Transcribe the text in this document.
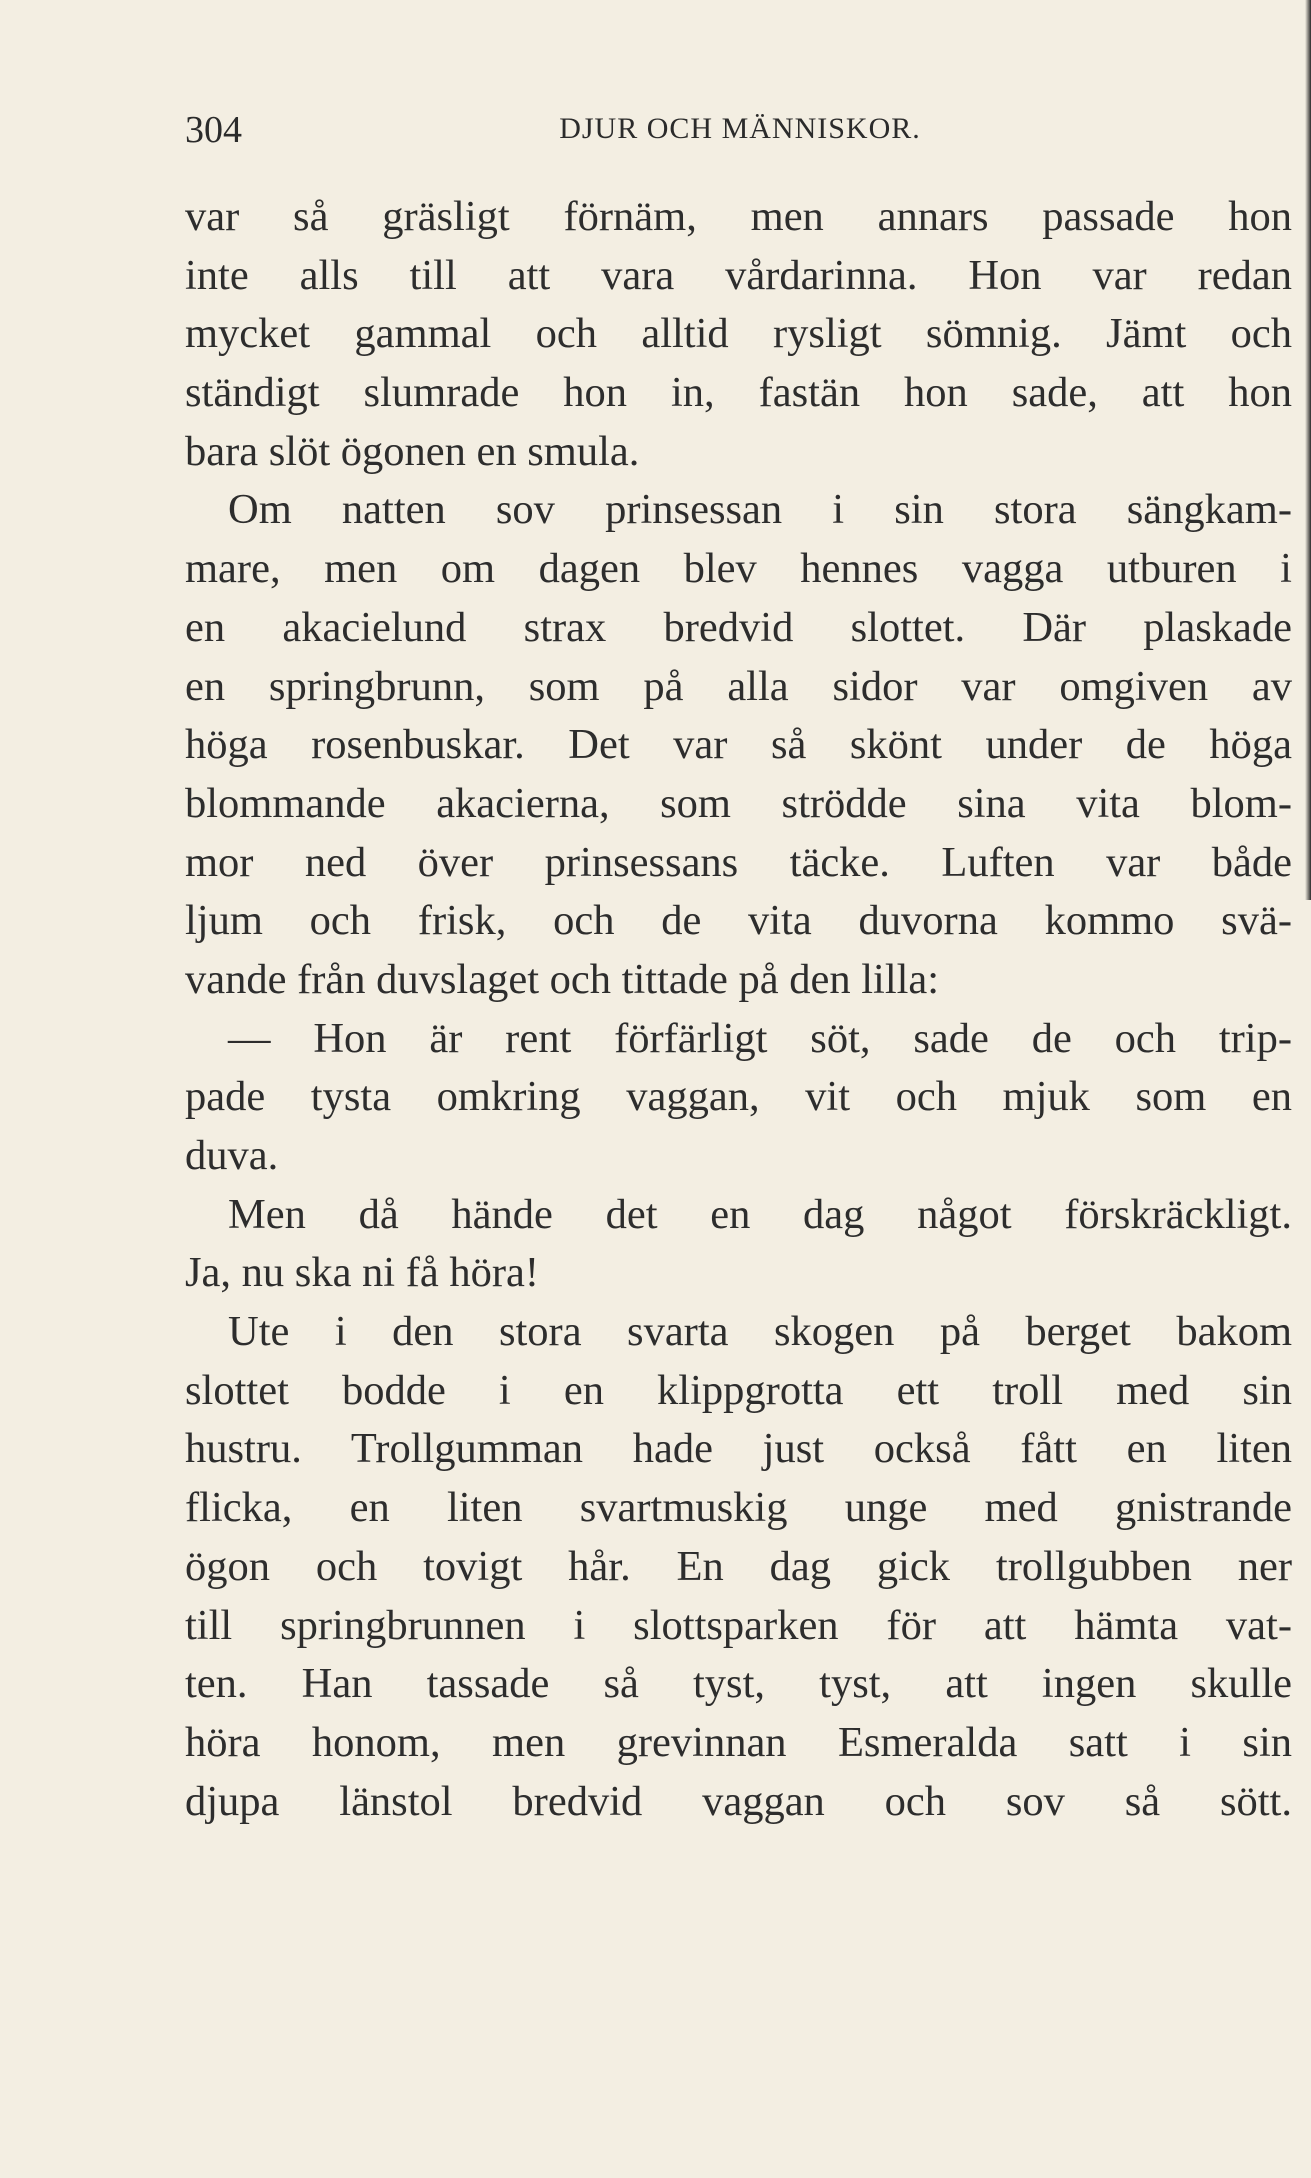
304	DJUR OCH MÄNNISKOR.
var så gräsligt förnäm, men annars passade hon
inte alls till att vara vårdarinna. Hon var redan
mycket gammal och alltid rysligt sömnig. Jämt och
ständigt slumrade hon in, fastän hon sade, att hon
bara slöt ögonen en smula.
Om natten sov prinsessan i sin stora sängkam-
mare, men om dagen blev hennes vagga utburen i
en akacielund strax bredvid slottet. Där plaskade
en springbrunn, som på alla sidor var omgiven av
höga rosenbuskar. Det var så skönt under de höga
blommande akacierna, som strödde sina vita blom-
mor ned över prinsessans täcke. Luften var både
ljum och frisk, och de vita duvorna kommo svä-
vande från duvslaget och tittade på den lilla:
— Hon är rent förfärligt söt, sade de och trip-
pade tysta omkring vaggan, vit och mjuk som en
duva.
Men då hände det en dag något förskräckligt.
Ja, nu ska ni få höra!
Ute i den stora svarta skogen på berget bakom
slottet bodde i en klippgrotta ett troll med sin
hustru. Trollgumman hade just också fått en liten
flicka, en liten svartmuskig unge med gnistrande
ögon och tovigt hår. En dag gick trollgubben ner
till springbrunnen i slottsparken för att hämta vat-
ten. Han tassade så tyst, tyst, att ingen skulle
höra honom, men grevinnan Esmeralda satt i sin
djupa länstol bredvid vaggan och sov så sött.
